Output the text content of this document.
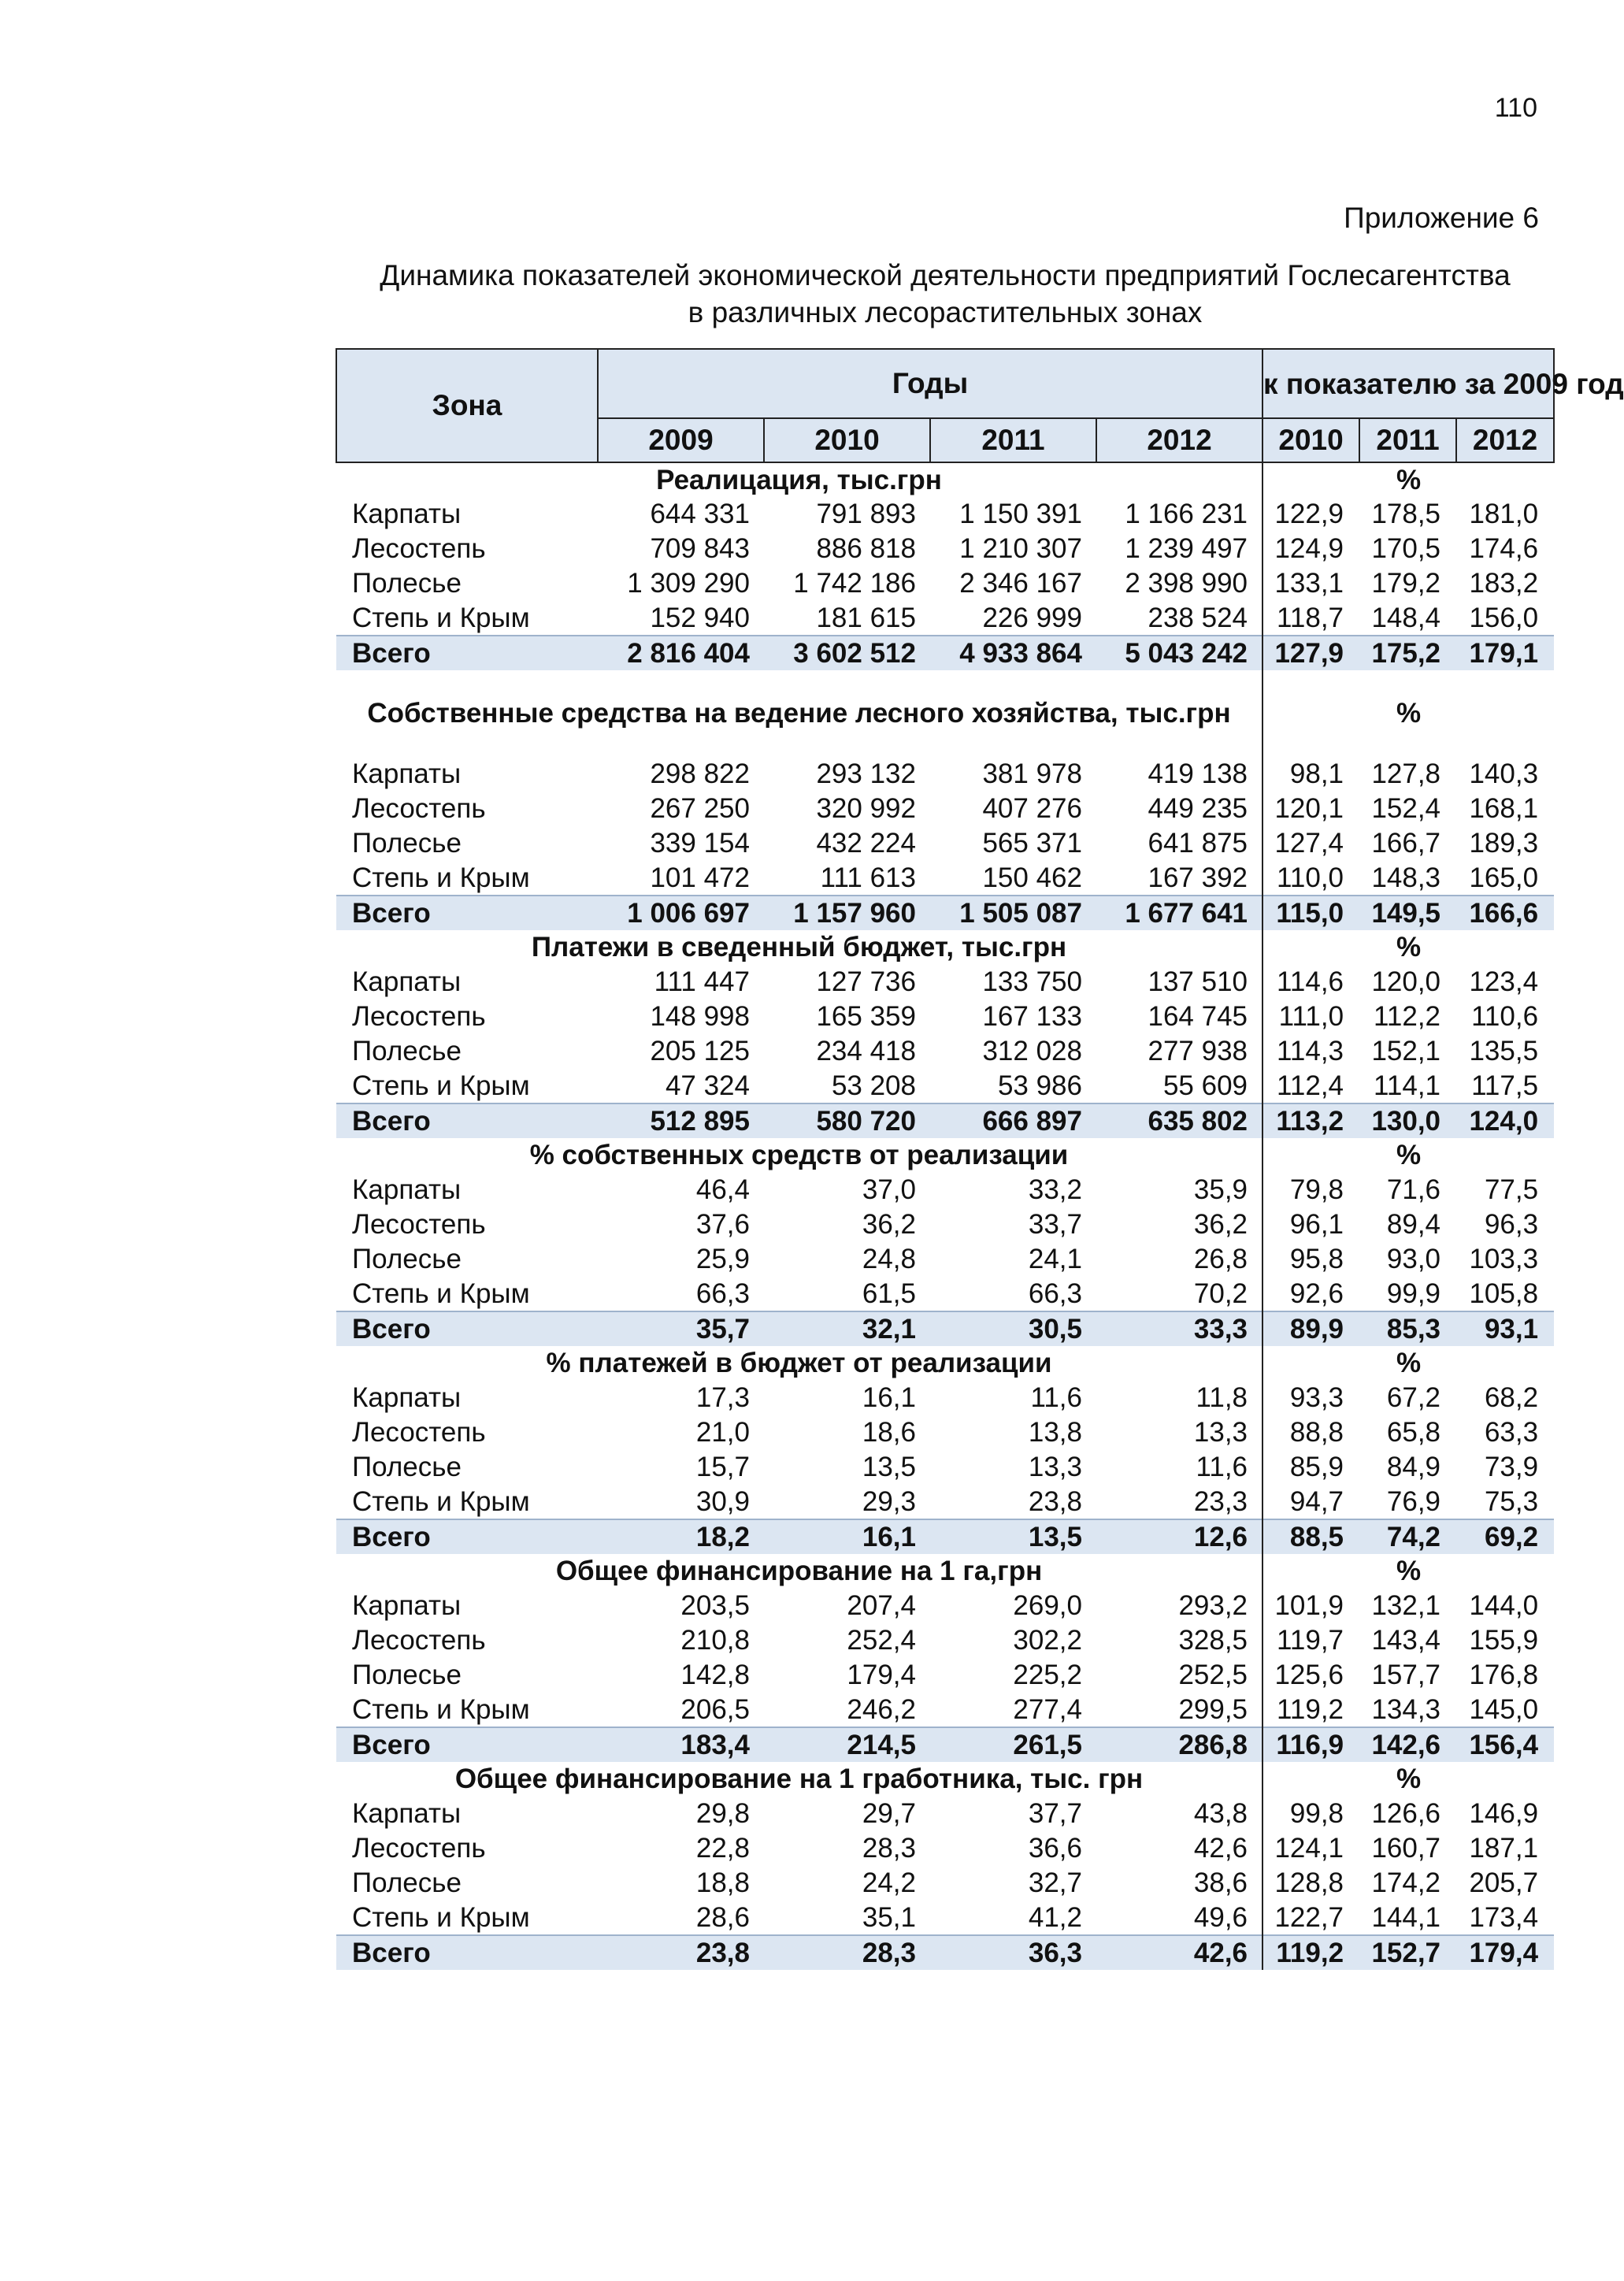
110
Приложение 6
Динамика показателей экономической деятельности предприятий Гослесагентства
в различных лесорастительных зонах
Зона	Годы				к показателю за 2009 год		
	2009	2010	2011	2012	2010	2011	2012
Реалицация, тыс.грн					%		
Карпаты	644 331	791 893	1 150 391	1 166 231	122,9	178,5	181,0
Лесостепь	709 843	886 818	1 210 307	1 239 497	124,9	170,5	174,6
Полесье	1 309 290	1 742 186	2 346 167	2 398 990	133,1	179,2	183,2
Степь и Крым	152 940	181 615	226 999	238 524	118,7	148,4	156,0
Всего	2 816 404	3 602 512	4 933 864	5 043 242	127,9	175,2	179,1
Собственные средства на ведение лесного хозяйства, тыс.грн					%		
Карпаты	298 822	293 132	381 978	419 138	98,1	127,8	140,3
Лесостепь	267 250	320 992	407 276	449 235	120,1	152,4	168,1
Полесье	339 154	432 224	565 371	641 875	127,4	166,7	189,3
Степь и Крым	101 472	111 613	150 462	167 392	110,0	148,3	165,0
Всего	1 006 697	1 157 960	1 505 087	1 677 641	115,0	149,5	166,6
Платежи в сведенный бюджет, тыс.грн					%		
Карпаты	111 447	127 736	133 750	137 510	114,6	120,0	123,4
Лесостепь	148 998	165 359	167 133	164 745	111,0	112,2	110,6
Полесье	205 125	234 418	312 028	277 938	114,3	152,1	135,5
Степь и Крым	47 324	53 208	53 986	55 609	112,4	114,1	117,5
Всего	512 895	580 720	666 897	635 802	113,2	130,0	124,0
% собственных средств от реализации					%		
Карпаты	46,4	37,0	33,2	35,9	79,8	71,6	77,5
Лесостепь	37,6	36,2	33,7	36,2	96,1	89,4	96,3
Полесье	25,9	24,8	24,1	26,8	95,8	93,0	103,3
Степь и Крым	66,3	61,5	66,3	70,2	92,6	99,9	105,8
Всего	35,7	32,1	30,5	33,3	89,9	85,3	93,1
% платежей в бюджет от реализации					%		
Карпаты	17,3	16,1	11,6	11,8	93,3	67,2	68,2
Лесостепь	21,0	18,6	13,8	13,3	88,8	65,8	63,3
Полесье	15,7	13,5	13,3	11,6	85,9	84,9	73,9
Степь и Крым	30,9	29,3	23,8	23,3	94,7	76,9	75,3
Всего	18,2	16,1	13,5	12,6	88,5	74,2	69,2
Общее финансирование на 1 га,грн					%		
Карпаты	203,5	207,4	269,0	293,2	101,9	132,1	144,0
Лесостепь	210,8	252,4	302,2	328,5	119,7	143,4	155,9
Полесье	142,8	179,4	225,2	252,5	125,6	157,7	176,8
Степь и Крым	206,5	246,2	277,4	299,5	119,2	134,3	145,0
Всего	183,4	214,5	261,5	286,8	116,9	142,6	156,4
Общее финансирование на 1 гработника, тыс. грн					%		
Карпаты	29,8	29,7	37,7	43,8	99,8	126,6	146,9
Лесостепь	22,8	28,3	36,6	42,6	124,1	160,7	187,1
Полесье	18,8	24,2	32,7	38,6	128,8	174,2	205,7
Степь и Крым	28,6	35,1	41,2	49,6	122,7	144,1	173,4
Всего	23,8	28,3	36,3	42,6	119,2	152,7	179,4
